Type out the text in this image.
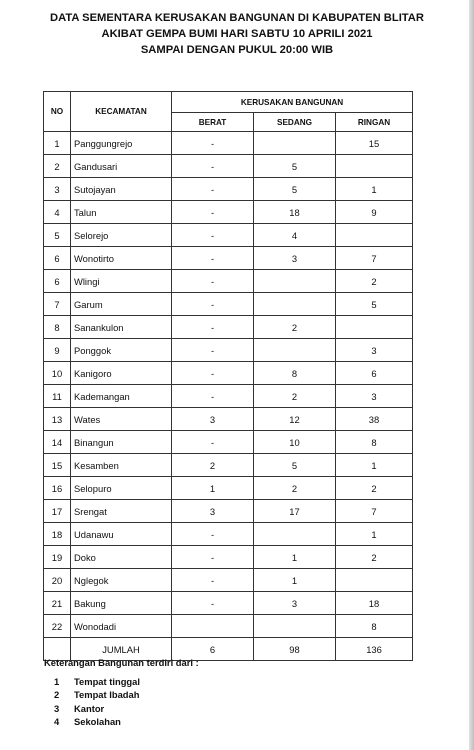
DATA SEMENTARA KERUSAKAN BANGUNAN DI KABUPATEN BLITAR
AKIBAT GEMPA BUMI HARI SABTU 10 APRILI 2021
SAMPAI DENGAN PUKUL 20:00 WIB
NO	KECAMATAN	KERUSAKAN BANGUNAN		
		BERAT	SEDANG	RINGAN
1	Panggungrejo	-		15
2	Gandusari	-	5	
3	Sutojayan	-	5	1
4	Talun	-	18	9
5	Selorejo	-	4	
6	Wonotirto	-	3	7
6	Wlingi	-		2
7	Garum	-		5
8	Sanankulon	-	2	
9	Ponggok	-		3
10	Kanigoro	-	8	6
11	Kademangan	-	2	3
13	Wates	3	12	38
14	Binangun	-	10	8
15	Kesamben	2	5	1
16	Selopuro	1	2	2
17	Srengat	3	17	7
18	Udanawu	-		1
19	Doko	-	1	2
20	Nglegok	-	1	
21	Bakung	-	3	18
22	Wonodadi			8
	JUMLAH	6	98	136
Keterangan Bangunan terdiri dari :
1	Tempat tinggal
2	Tempat Ibadah
3	Kantor
4	Sekolahan
